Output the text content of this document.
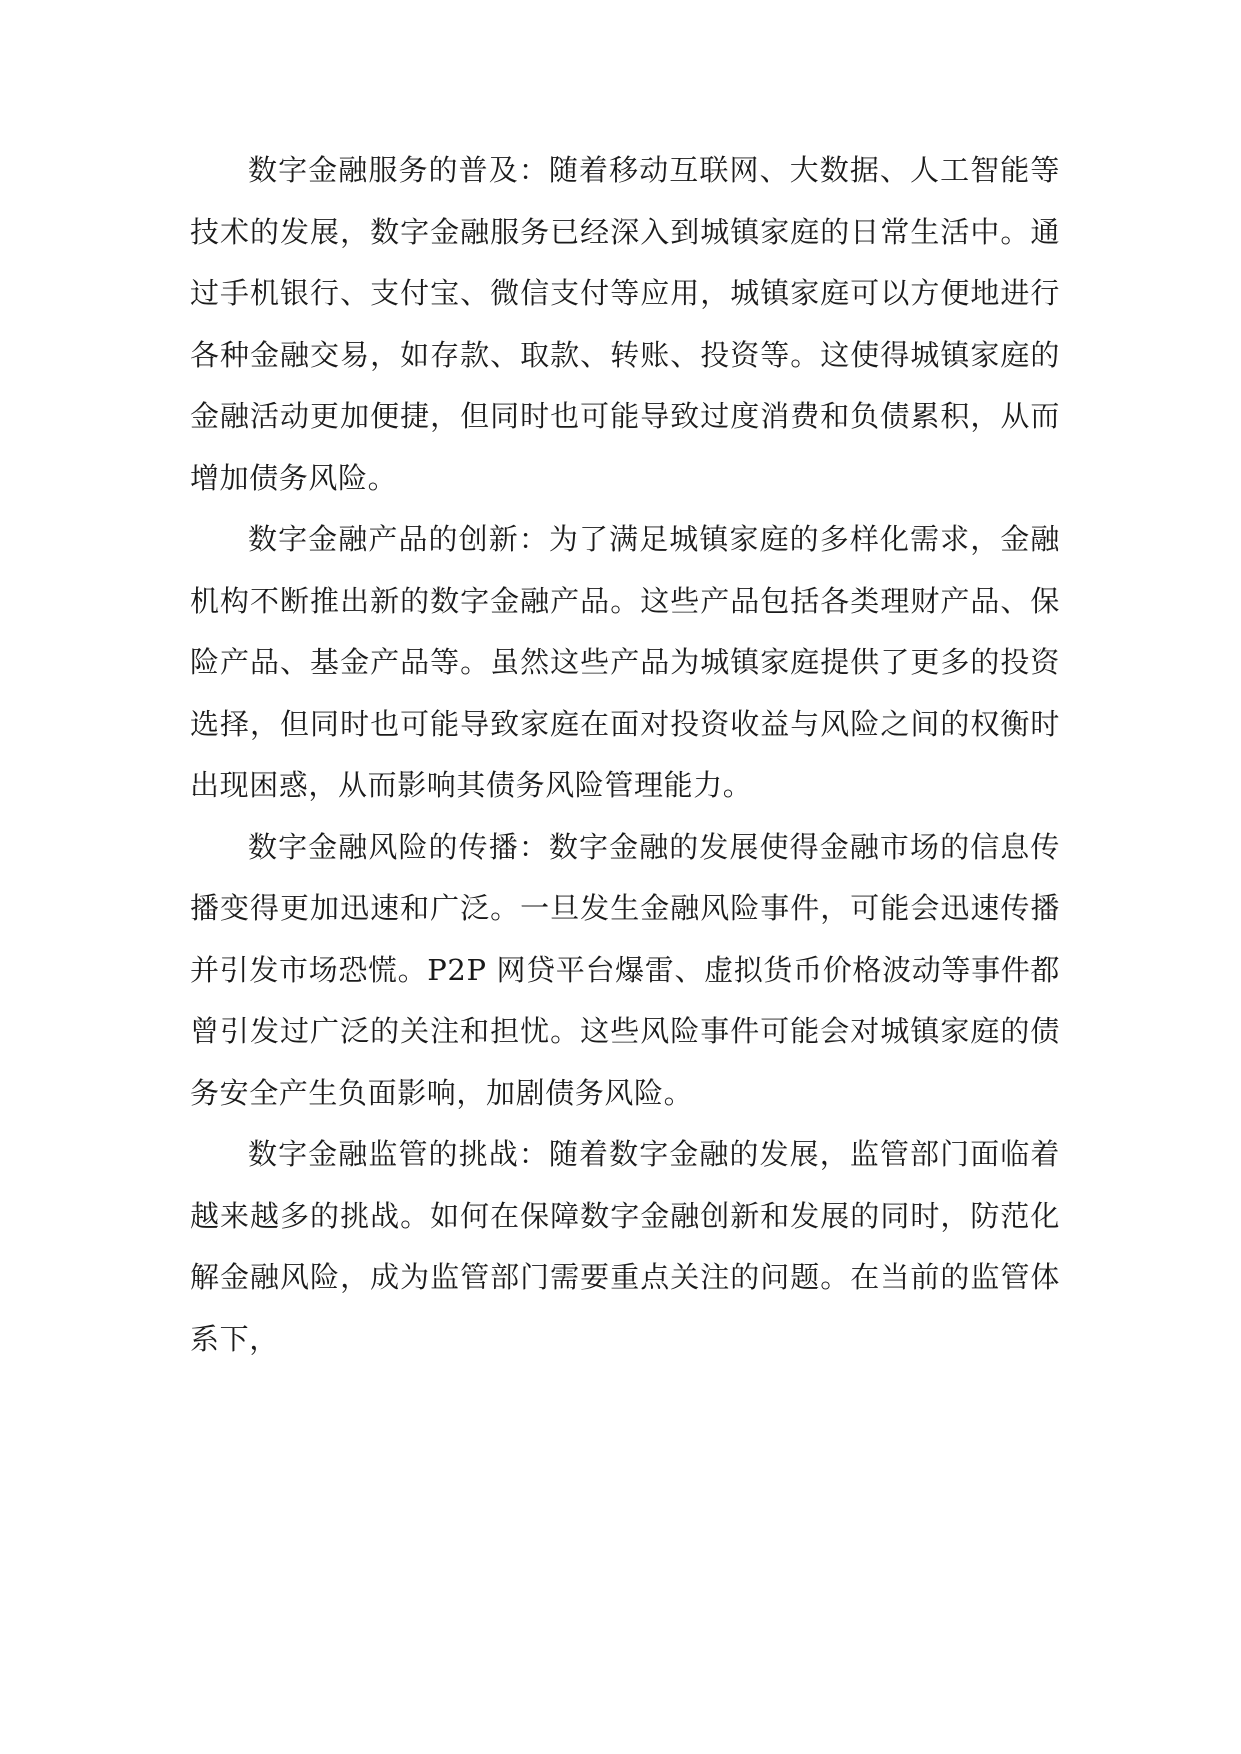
数字金融服务的普及：随着移动互联网、大数据、人工智能等技术的发展，数字金融服务已经深入到城镇家庭的日常生活中。通过手机银行、支付宝、微信支付等应用，城镇家庭可以方便地进行各种金融交易，如存款、取款、转账、投资等。这使得城镇家庭的金融活动更加便捷，但同时也可能导致过度消费和负债累积，从而增加债务风险。

数字金融产品的创新：为了满足城镇家庭的多样化需求，金融机构不断推出新的数字金融产品。这些产品包括各类理财产品、保险产品、基金产品等。虽然这些产品为城镇家庭提供了更多的投资选择，但同时也可能导致家庭在面对投资收益与风险之间的权衡时出现困惑，从而影响其债务风险管理能力。

数字金融风险的传播：数字金融的发展使得金融市场的信息传播变得更加迅速和广泛。一旦发生金融风险事件，可能会迅速传播并引发市场恐慌。P2P 网贷平台爆雷、虚拟货币价格波动等事件都曾引发过广泛的关注和担忧。这些风险事件可能会对城镇家庭的债务安全产生负面影响，加剧债务风险。

数字金融监管的挑战：随着数字金融的发展，监管部门面临着越来越多的挑战。如何在保障数字金融创新和发展的同时，防范化解金融风险，成为监管部门需要重点关注的问题。在当前的监管体系下，
